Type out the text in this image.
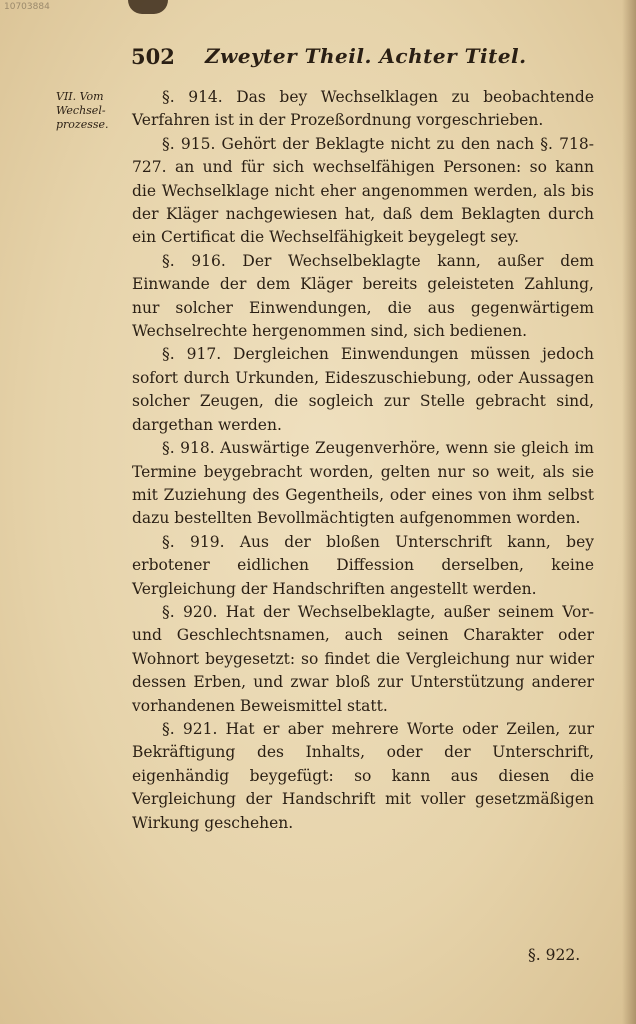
10703884
502 Zweyter Theil. Achter Titel.
VII. Vom Wechsel-prozesse.

§. 914. Das bey Wechselklagen zu beobachtende Verfahren ist in der Prozeßordnung vorgeschrieben.

§. 915. Gehört der Beklagte nicht zu den nach §. 718-727. an und für sich wechselfähigen Personen: so kann die Wechselklage nicht eher angenommen werden, als bis der Kläger nachgewiesen hat, daß dem Beklagten durch ein Certificat die Wechselfähigkeit beygelegt sey.

§. 916. Der Wechselbeklagte kann, außer dem Einwande der dem Kläger bereits geleisteten Zahlung, nur solcher Einwendungen, die aus gegenwärtigem Wechselrechte hergenommen sind, sich bedienen.

§. 917. Dergleichen Einwendungen müssen jedoch sofort durch Urkunden, Eideszuschiebung, oder Aussagen solcher Zeugen, die sogleich zur Stelle gebracht sind, dargethan werden.

§. 918. Auswärtige Zeugenverhöre, wenn sie gleich im Termine beygebracht worden, gelten nur so weit, als sie mit Zuziehung des Gegentheils, oder eines von ihm selbst dazu bestellten Bevollmächtigten aufgenommen worden.

§. 919. Aus der bloßen Unterschrift kann, bey erbotener eidlichen Diffession derselben, keine Vergleichung der Handschriften angestellt werden.

§. 920. Hat der Wechselbeklagte, außer seinem Vor- und Geschlechtsnamen, auch seinen Charakter oder Wohnort beygesetzt: so findet die Vergleichung nur wider dessen Erben, und zwar bloß zur Unterstützung anderer vorhandenen Beweismittel statt.

§. 921. Hat er aber mehrere Worte oder Zeilen, zur Bekräftigung des Inhalts, oder der Unterschrift, eigenhändig beygefügt: so kann aus diesen die Vergleichung der Handschrift mit voller gesetzmäßigen Wirkung geschehen.

§. 922.
